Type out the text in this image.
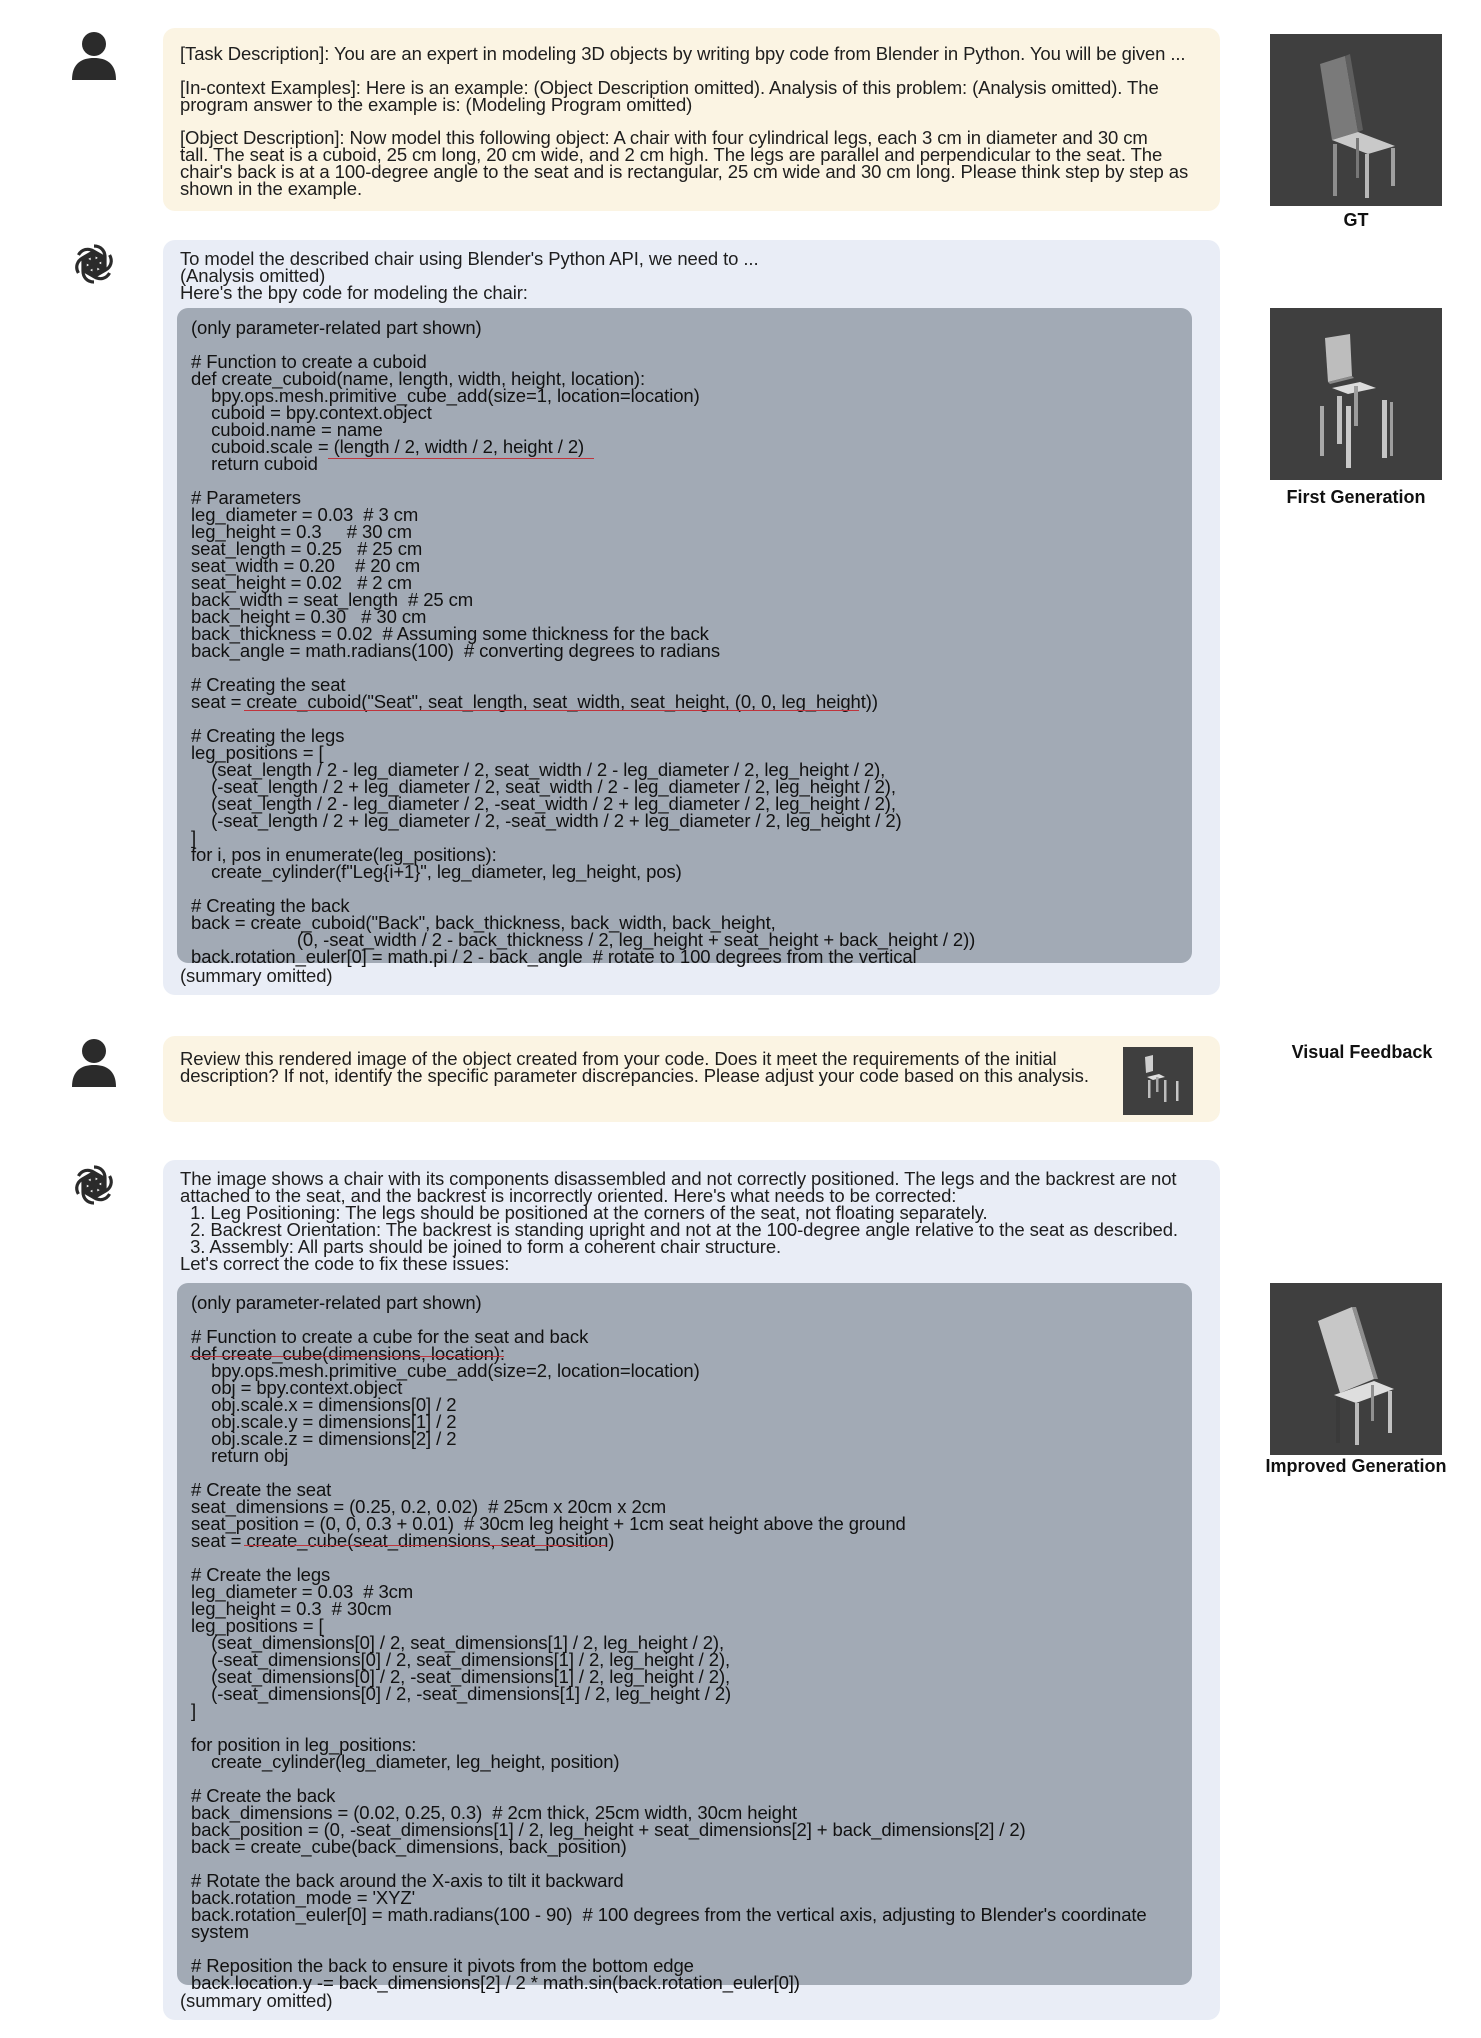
[Task Description]: You are an expert in modeling 3D objects by writing bpy code from Blender in Python. You will be given ...
[In-context Examples]: Here is an example: (Object Description omitted). Analysis of this problem: (Analysis omitted). The
program answer to the example is: (Modeling Program omitted)
[Object Description]: Now model this following object: A chair with four cylindrical legs, each 3 cm in diameter and 30 cm
tall. The seat is a cuboid, 25 cm long, 20 cm wide, and 2 cm high. The legs are parallel and perpendicular to the seat. The
chair's back is at a 100-degree angle to the seat and is rectangular, 25 cm wide and 30 cm long. Please think step by step as
shown in the example.
To model the described chair using Blender's Python API, we need to ...
(Analysis omitted)
Here's the bpy code for modeling the chair:
(summary omitted)
(only parameter-related part shown)

# Function to create a cuboid
def create_cuboid(name, length, width, height, location):
bpy.ops.mesh.primitive_cube_add(size=1, location=location)
cuboid = bpy.context.object
cuboid.name = name
cuboid.scale = (length / 2, width / 2, height / 2)
return cuboid

# Parameters
leg_diameter = 0.03  # 3 cm
leg_height = 0.3     # 30 cm
seat_length = 0.25   # 25 cm
seat_width = 0.20    # 20 cm
seat_height = 0.02   # 2 cm
back_width = seat_length  # 25 cm
back_height = 0.30   # 30 cm
back_thickness = 0.02  # Assuming some thickness for the back
back_angle = math.radians(100)  # converting degrees to radians

# Creating the seat
seat = create_cuboid("Seat", seat_length, seat_width, seat_height, (0, 0, leg_height))

# Creating the legs
leg_positions = [
(seat_length / 2 - leg_diameter / 2, seat_width / 2 - leg_diameter / 2, leg_height / 2),
(-seat_length / 2 + leg_diameter / 2, seat_width / 2 - leg_diameter / 2, leg_height / 2),
(seat_length / 2 - leg_diameter / 2, -seat_width / 2 + leg_diameter / 2, leg_height / 2),
(-seat_length / 2 + leg_diameter / 2, -seat_width / 2 + leg_diameter / 2, leg_height / 2)
]
for i, pos in enumerate(leg_positions):
create_cylinder(f"Leg{i+1}", leg_diameter, leg_height, pos)

# Creating the back
back = create_cuboid("Back", back_thickness, back_width, back_height,
(0, -seat_width / 2 - back_thickness / 2, leg_height + seat_height + back_height / 2))
back.rotation_euler[0] = math.pi / 2 - back_angle  # rotate to 100 degrees from the vertical
Review this rendered image of the object created from your code. Does it meet the requirements of the initial
description? If not, identify the specific parameter discrepancies. Please adjust your code based on this analysis.
The image shows a chair with its components disassembled and not correctly positioned. The legs and the backrest are not
attached to the seat, and the backrest is incorrectly oriented. Here's what needs to be corrected:
1. Leg Positioning: The legs should be positioned at the corners of the seat, not floating separately.
2. Backrest Orientation: The backrest is standing upright and not at the 100-degree angle relative to the seat as described.
3. Assembly: All parts should be joined to form a coherent chair structure.
Let's correct the code to fix these issues:
(summary omitted)
(only parameter-related part shown)

# Function to create a cube for the seat and back
def create_cube(dimensions, location):
bpy.ops.mesh.primitive_cube_add(size=2, location=location)
obj = bpy.context.object
obj.scale.x = dimensions[0] / 2
obj.scale.y = dimensions[1] / 2
obj.scale.z = dimensions[2] / 2
return obj

# Create the seat
seat_dimensions = (0.25, 0.2, 0.02)  # 25cm x 20cm x 2cm
seat_position = (0, 0, 0.3 + 0.01)  # 30cm leg height + 1cm seat height above the ground
seat = create_cube(seat_dimensions, seat_position)

# Create the legs
leg_diameter = 0.03  # 3cm
leg_height = 0.3  # 30cm
leg_positions = [
(seat_dimensions[0] / 2, seat_dimensions[1] / 2, leg_height / 2),
(-seat_dimensions[0] / 2, seat_dimensions[1] / 2, leg_height / 2),
(seat_dimensions[0] / 2, -seat_dimensions[1] / 2, leg_height / 2),
(-seat_dimensions[0] / 2, -seat_dimensions[1] / 2, leg_height / 2)
]

for position in leg_positions:
create_cylinder(leg_diameter, leg_height, position)

# Create the back
back_dimensions = (0.02, 0.25, 0.3)  # 2cm thick, 25cm width, 30cm height
back_position = (0, -seat_dimensions[1] / 2, leg_height + seat_dimensions[2] + back_dimensions[2] / 2)
back = create_cube(back_dimensions, back_position)

# Rotate the back around the X-axis to tilt it backward
back.rotation_mode = 'XYZ'
back.rotation_euler[0] = math.radians(100 - 90)  # 100 degrees from the vertical axis, adjusting to Blender's coordinate
system

# Reposition the back to ensure it pivots from the bottom edge
back.location.y -= back_dimensions[2] / 2 * math.sin(back.rotation_euler[0])
GT
First Generation
Visual Feedback
Improved Generation
